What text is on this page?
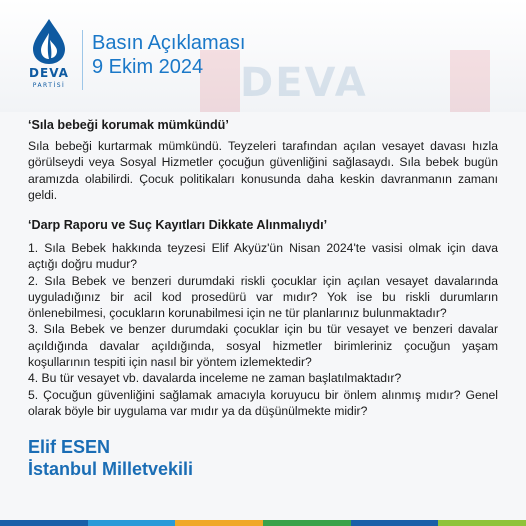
DEVA
DEVA
PARTİSİ
Basın Açıklaması
9 Ekim 2024
‘Sıla bebeği korumak mümkündü’
Sıla bebeği kurtarmak mümkündü. Teyzeleri tarafından açılan vesayet davası hızla görülseydi veya Sosyal Hizmetler çocuğun güvenliğini sağlasaydı. Sıla bebek bugün aramızda olabilirdi. Çocuk politikaları konusunda daha keskin davranmanın zamanı geldi.
‘Darp Raporu ve Suç Kayıtları Dikkate Alınmalıydı’
1. Sıla Bebek hakkında teyzesi Elif Akyüz'ün Nisan 2024'te vasisi olmak için dava açtığı doğru mudur?
2. Sıla Bebek ve benzeri durumdaki riskli çocuklar için açılan vesayet davalarında uyguladığınız bir acil kod prosedürü var mıdır? Yok ise bu riskli durumların önlenebilmesi, çocukların korunabilmesi için ne tür planlarınız bulunmaktadır?
3. Sıla Bebek ve benzer durumdaki çocuklar için bu tür vesayet ve benzeri davalar açıldığında davalar açıldığında, sosyal hizmetler birimleriniz çocuğun yaşam koşullarının tespiti için nasıl bir yöntem izlemektedir?
4. Bu tür vesayet vb. davalarda inceleme ne zaman başlatılmaktadır?
5. Çocuğun güvenliğini sağlamak amacıyla koruyucu bir önlem alınmış mıdır? Genel olarak böyle bir uygulama var mıdır ya da düşünülmekte midir?
Elif ESEN
İstanbul Milletvekili
